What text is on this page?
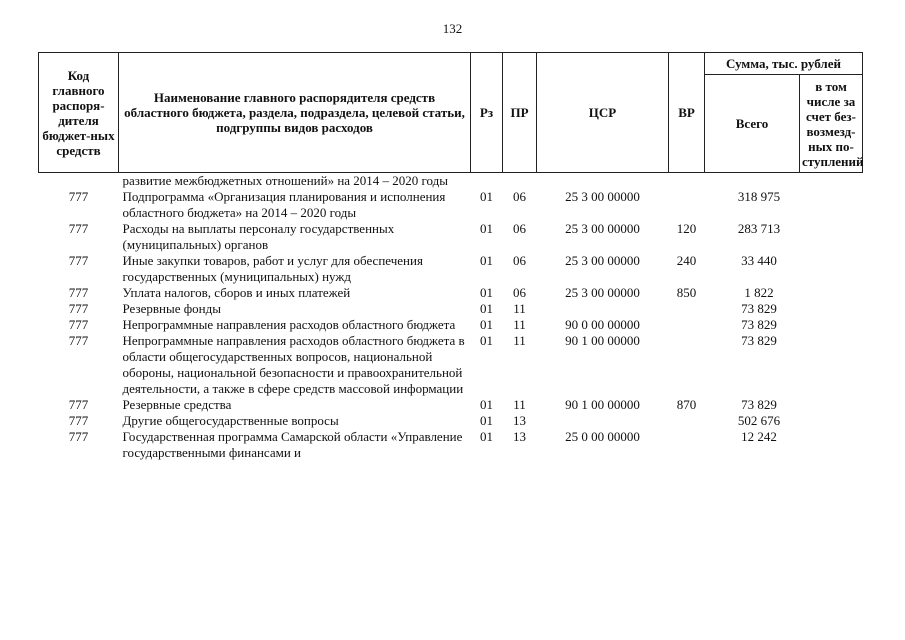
132
Код главного распоря-дителя бюджет-ных средств	Наименование главного распорядителя средств областного бюджета, раздела, подраздела, целевой статьи, подгруппы видов расходов	Рз	ПР	ЦСР	ВР	Сумма, тыс. рублей	
						Всего	в том числе за счет без-возмезд-ных по-ступлений
	развитие межбюджетных отношений» на 2014 – 2020 годы						
777	Подпрограмма «Организация планирования и исполнения областного бюджета» на 2014 – 2020 годы	01	06	25 3 00 00000		318 975	
777	Расходы на выплаты персоналу государственных (муниципальных) органов	01	06	25 3 00 00000	120	283 713	
777	Иные закупки товаров, работ и услуг для обеспечения государственных (муниципальных) нужд	01	06	25 3 00 00000	240	33 440	
777	Уплата налогов, сборов и иных платежей	01	06	25 3 00 00000	850	1 822	
777	Резервные фонды	01	11			73 829	
777	Непрограммные направления расходов областного бюджета	01	11	90 0 00 00000		73 829	
777	Непрограммные направления расходов областного бюджета в области общегосударственных вопросов, национальной обороны, национальной безопасности и правоохранительной деятельности, а также в сфере средств массовой информации	01	11	90 1 00 00000		73 829	
777	Резервные средства	01	11	90 1 00 00000	870	73 829	
777	Другие общегосударственные вопросы	01	13			502 676	
777	Государственная программа Самарской области «Управление государственными финансами и	01	13	25 0 00 00000		12 242	
